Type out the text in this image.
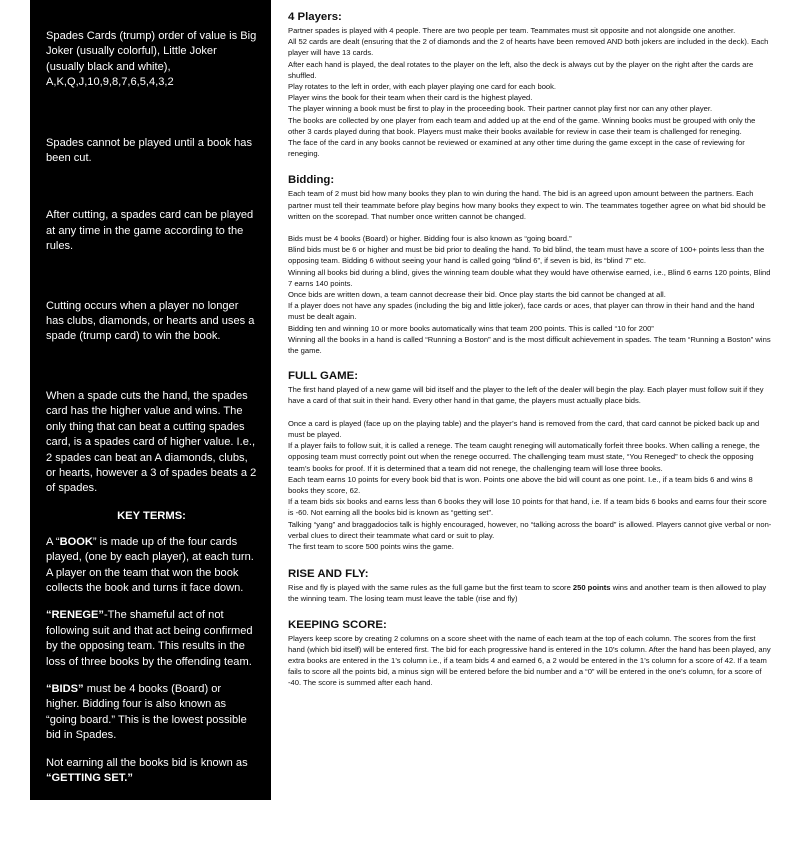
Spades Cards (trump) order of value is Big Joker (usually colorful), Little Joker (usually black and white), A,K,Q,J,10,9,8,7,6,5,4,3,2

Spades cannot be played until a book has been cut.

After cutting, a spades card can be played at any time in the game according to the rules.

Cutting occurs when a player no longer has clubs, diamonds, or hearts and uses a spade (trump card) to win the book.

When a spade cuts the hand, the spades card has the higher value and wins. The only thing that can beat a cutting spades card, is a spades card of higher value. I.e., 2 spades can beat an A diamonds, clubs, or hearts, however a 3 of spades beats a 2 of spades.

KEY TERMS:

A “BOOK” is made up of the four cards played, (one by each player), at each turn. A player on the team that won the book collects the book and turns it face down.

“RENEGE”-The shameful act of not following suit and that act being confirmed by the opposing team. This results in the loss of three books by the offending team.

“BIDS” must be 4 books (Board) or higher. Bidding four is also known as “going board.” This is the lowest possible bid in Spades.

Not earning all the books bid is known as “GETTING SET.”

“TALKING ACROSS THE BOARD”- Is the illegal act of telling, implying, signaling, or inferring to your partner what card to play next, what card was played during

4 Players:

Partner spades is played with 4 people. There are two people per team. Teammates must sit opposite and not alongside one another.

All 52 cards are dealt (ensuring that the 2 of diamonds and the 2 of hearts have been removed AND both jokers are included in the deck). Each player will have 13 cards.

After each hand is played, the deal rotates to the player on the left, also the deck is always cut by the player on the right after the cards are shuffled.

Play rotates to the left in order, with each player playing one card for each book.

Player wins the book for their team when their card is the highest played.

The player winning a book must be first to play in the proceeding book. Their partner cannot play first nor can any other player.

The books are collected by one player from each team and added up at the end of the game. Winning books must be grouped with only the other 3 cards played during that book. Players must make their books available for review in case their team is challenged for reneging.

The face of the card in any books cannot be reviewed or examined at any other time during the game except in the case of reviewing for reneging.

Bidding:

Each team of 2 must bid how many books they plan to win during the hand. The bid is an agreed upon amount between the partners. Each partner must tell their teammate before play begins how many books they expect to win. The teammates together agree on what bid should be written on the scorepad. That number once written cannot be changed.

Bids must be 4 books (Board) or higher. Bidding four is also known as “going board.”

Blind bids must be 6 or higher and must be bid prior to dealing the hand. To bid blind, the team must have a score of 100+ points less than the opposing team. Bidding 6 without seeing your hand is called going “blind 6”, if seven is bid, its “blind 7” etc.

Winning all books bid during a blind, gives the winning team double what they would have otherwise earned, i.e., Blind 6 earns 120 points, Blind 7 earns 140 points.

Once bids are written down, a team cannot decrease their bid. Once play starts the bid cannot be changed at all.

If a player does not have any spades (including the big and little joker), face cards or aces, that player can throw in their hand and the hand must be dealt again.

Bidding ten and winning 10 or more books automatically wins that team 200 points. This is called “10 for 200”

Winning all the books in a hand is called “Running a Boston” and is the most difficult achievement in spades. The team “Running a Boston” wins the game.

FULL GAME:

The first hand played of a new game will bid itself and the player to the left of the dealer will begin the play. Each player must follow suit if they have a card of that suit in their hand. Every other hand in that game, the players must actually place bids.

Once a card is played (face up on the playing table) and the player’s hand is removed from the card, that card cannot be picked back up and must be played.

If a player fails to follow suit, it is called a renege. The team caught reneging will automatically forfeit three books. When calling a renege, the opposing team must correctly point out when the renege occurred. The challenging team must state, “You Reneged” to check the opposing team’s books for proof. If it is determined that a team did not renege, the challenging team will lose three books.

Each team earns 10 points for every book bid that is won. Points one above the bid will count as one point. I.e., if a team bids 6 and wins 8 books they score, 62.

If a team bids six books and earns less than 6 books they will lose 10 points for that hand, i.e. If a team bids 6 books and earns four their score is -60. Not earning all the books bid is known as “getting set”.

Talking “yang” and braggadocios talk is highly encouraged, however, no “talking across the board” is allowed. Players cannot give verbal or non-verbal clues to direct their teammate what card or suit to play.

The first team to score 500 points wins the game.

RISE AND FLY:

Rise and fly is played with the same rules as the full game but the first team to score 250 points wins and another team is then allowed to play the winning team. The losing team must leave the table (rise and fly)

KEEPING SCORE:

Players keep score by creating 2 columns on a score sheet with the name of each team at the top of each column. The scores from the first hand (which bid itself) will be entered first. The bid for each progressive hand is entered in the 10’s column. After the hand has been played, any extra books are entered in the 1’s column i.e., if a team bids 4 and earned 6, a 2 would be entered in the 1’s column for a score of 42. If a team fails to score all the points bid, a minus sign will be entered before the bid number and a “0” will be entered in the one’s column, for a score of -40. The score is summed after each hand.
